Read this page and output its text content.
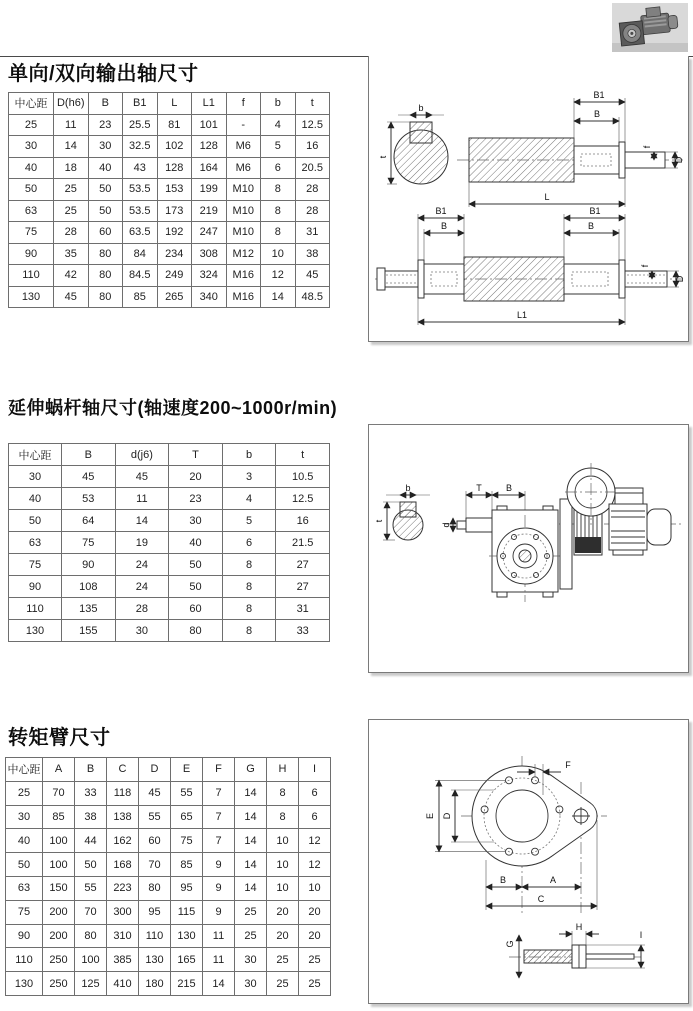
单向/双向输出轴尺寸
中心距	D(h6)	B	B1	L	L1	f	b	t
25	11	23	25.5	81	101	-	4	12.5
30	14	30	32.5	102	128	M6	5	16
40	18	40	43	128	164	M6	6	20.5
50	25	50	53.5	153	199	M10	8	28
63	25	50	53.5	173	219	M10	8	28
75	28	60	63.5	192	247	M10	8	31
90	35	80	84	234	308	M12	10	38
110	42	80	84.5	249	324	M16	12	45
130	45	80	85	265	340	M16	14	48.5
b
t
B1
B
f
D
L
B1
B
B1
B
f
D
L1
延伸蜗杆轴尺寸(轴速度200~1000r/min)
中心距	B	d(j6)	T	b	t
30	45	45	20	3	10.5
40	53	11	23	4	12.5
50	64	14	30	5	16
63	75	19	40	6	21.5
75	90	24	50	8	27
90	108	24	50	8	27
110	135	28	60	8	31
130	155	30	80	8	33
b
t
d
T	B
转矩臂尺寸
中心距	A	B	C	D	E	F	G	H	I
25	70	33	118	45	55	7	14	8	6
30	85	38	138	55	65	7	14	8	6
40	100	44	162	60	75	7	14	10	12
50	100	50	168	70	85	9	14	10	12
63	150	55	223	80	95	9	14	10	10
75	200	70	300	95	115	9	25	20	20
90	200	80	310	110	130	11	25	20	20
110	250	100	385	130	165	11	30	25	25
130	250	125	410	180	215	14	30	25	25
F
E D
B	A
C
G
H
I
